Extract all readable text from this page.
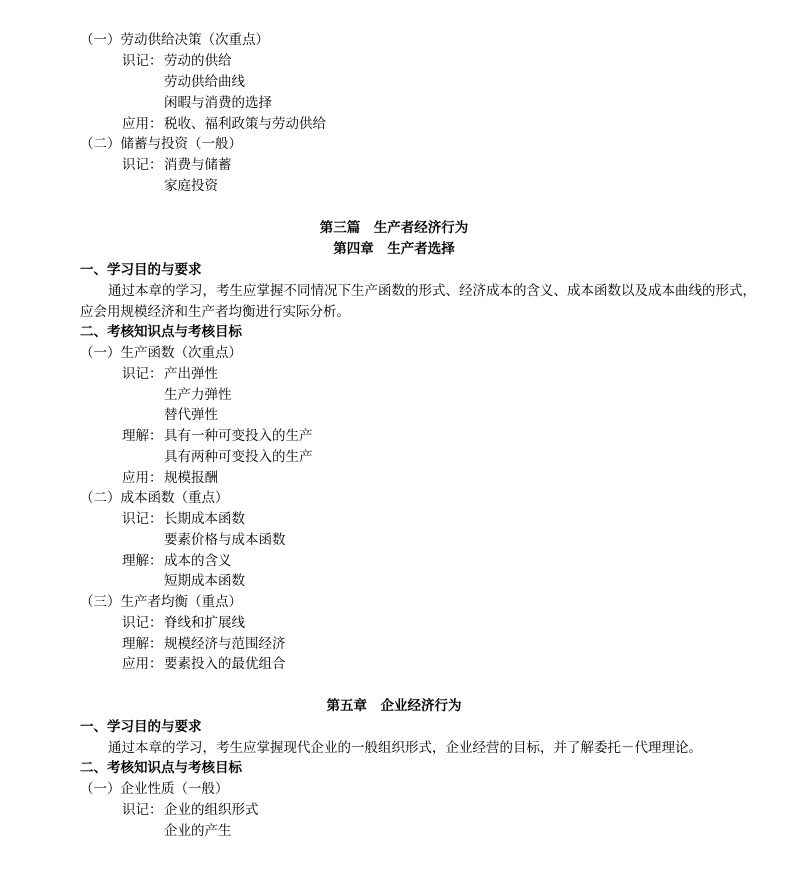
（一）劳动供给决策（次重点）
识记： 劳动的供给
劳动供给曲线
闲暇与消费的选择
应用： 税收、福利政策与劳动供给
（二）储蓄与投资（一般）
识记： 消费与储蓄
家庭投资
第三篇　生产者经济行为
第四章　生产者选择
一、学习目的与要求
通过本章的学习，考生应掌握不同情况下生产函数的形式、经济成本的含义、成本函数以及成本曲线的形式，
应会用规模经济和生产者均衡进行实际分析。
二、考核知识点与考核目标
（一）生产函数（次重点）
识记： 产出弹性
生产力弹性
替代弹性
理解： 具有一种可变投入的生产
具有两种可变投入的生产
应用： 规模报酬
（二）成本函数（重点）
识记： 长期成本函数
要素价格与成本函数
理解： 成本的含义
短期成本函数
（三）生产者均衡（重点）
识记： 脊线和扩展线
理解： 规模经济与范围经济
应用： 要素投入的最优组合
第五章　企业经济行为
一、学习目的与要求
通过本章的学习，考生应掌握现代企业的一般组织形式，企业经营的目标，并了解委托－代理理论。
二、考核知识点与考核目标
（一）企业性质（一般）
识记： 企业的组织形式
企业的产生
